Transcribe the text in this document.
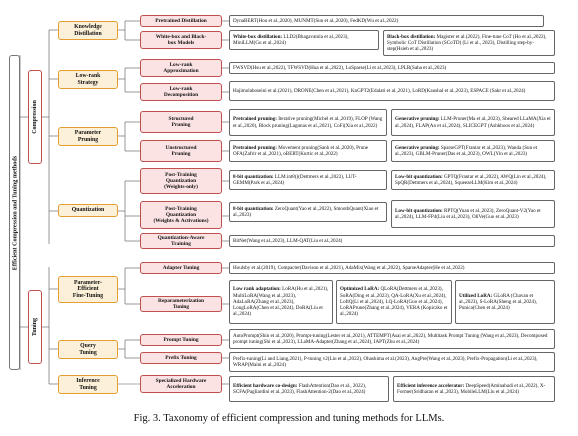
Efficient Compression and Tuning methods
Compression
Tuning
Knowledge
Distillation
Low-rank
Strategy
Parameter
Pruning
Quantization
Parameter-
Efficient
Fine-Tuning
Query
Tuning
Inference
Tuning
Pretrained Distillation
White-box and Black-
box Models
Low-rank
Approximation
Low-rank
Decomposition
Structured
Pruning
Unstructured
Pruning
Post-Training
Quantization
(Weights-only)
Post-Training
Quantization
(Weights & Activations)
Quantization-Aware
Training
Adapter Tuning
Reparameterization
Tuning
Prompt Tuning
Prefix Tuning
Specialized Hardware
Acceleration
DynaBERT(Hou et al.,2020), MUNMT(Sun et al.,2020), FedKD(Wu et al.,2022)
White-box distillation: LLD2(Bhagavatula et al.,2023), MiniLLM(Gu et al.,2024)
Black-box distillation: Magister et al.(2022), Fine-tune CoT (Ho et al.,2022), Symbolic CoT Distillation (SCoTD) (Li et al., 2023), Distilling step-by-step(Hsieh et al.,2023)
FWSVD(Hsu et al.,2022), TFWSVD(Hua et al.,2022), LoSparse(Li et al.,2023), LPLR(Saha et al.,2023)
Hajimolahoseini et al.(2021), DRONE(Chen et al.,2021), KnGPT2(Edalati et al.,2021), LoRD(Kaushal et al.,2023), ESPACE (Sakr et al.,2024)
Pretrained pruning: Iterative pruning(Michel et al.,2019), FLOP (Wang et al.,2020), Block pruning(Lagunas et al.,2021), CoFi(Xia et al.,2022)
Generative pruning: LLM-Pruner(Ma et al.,2023), Sheared LLaMA(Xia et al.,2024), FLAP(An et al.,2024), SLICEGPT (Ashkboos et al.,2024)
Pretrained pruning: Movement pruning(Sanh et al.,2020), Prune OFA(Zafrir et al.,2021), oBERT(Kurtic et al.,2022)
Generative pruning: SparseGPT(Frantar et al.,2023), Wanda (Sun et al.,2023), GBLM-Pruner(Das et al.,2023), OWL(Yin et al.,2023)
8-bit quantization: LLM.int8()(Dettmers et al.,2022), LUT-GEMM(Park et al.,2024)
Low-bit quantization: GPTQ(Frantar et al.,2022), AWQ(Lin et al.,2024), SpQR(Dettmers et al.,2024), SqueezeLLM(Kim et al.,2024)
8-bit quantization: ZeroQuant(Yao et al.,2022), SmoothQuant(Xiao et al.,2023)
Low-bit quantization: RPTQ(Yuan et al.,2023), ZeroQuant-V2(Yao et al.,2024), LLM-FP4(Liu et al.,2023), OliVe(Guo et al.,2023)
BitNet(Wang et al.,2023), LLM-QAT(Liu et al.,2024)
Houlsby et al.(2019), Compacter(Davison et al.,2021), AdaMix(Wang et al.,2022), SparseAdapter(He et al.,2022)
Low rank adaptation: LoRA(Hu et al.,2021), MultiLoRA(Wang et al.,2023), AdaLoRA(Zhang et al.,2023), LongLoRA(Chen et al.,2024), DoRA(Liu et al.,2024)
Optimized LoRA: QLoRA(Dettmers et al.,2023), SoRA(Ding et al.,2023), QA-LoRA(Xu et al.,2024), LoftQ(Li et al.,2024), LQ-LoRA(Guo et al.,2024), LoRAPrune(Zhang et al.,2024), VERA (Kopiczko et al.,2024)
Utilized LoRA: GLoRA (Chavan et al.,2023), S-LoRA(Sheng et al.,2024), Punica(Chen et al.,2024)
AutoPrompt(Shin et al.,2020), Prompt-tuning(Lester et al.,2021), ATTEMPT(Asai et al.,2022), Multitask Prompt Tuning (Wang et al.,2023), Decomposed prompt tuning(Shi et al.,2023), LLaMA-Adapter(Zhang et al.,2024), IAPT(Zhu et al.,2024)
Prefix-tuning(Li and Liang,2021), P-tuning v2(Liu et al.,2022), Ohashima et al.(2023), AngPre(Wang et al.,2023), Prefix-Propagation(Li et al.,2023), WRAP(Maini et al.,2024)
Efficient hardware co-design: FlashAttention(Dao et al., 2022), SCFA(Pagliardini et al.,2023), FlashAttention-2(Dao et al.,2024)
Efficient inference accelerator: DeepSpeed(Aminabadi et al.,2022), X-Former(Sridharan et al.,2023), MobileLLM(Liu et al.,2024)
Fig. 3. Taxonomy of efficient compression and tuning methods for LLMs.
